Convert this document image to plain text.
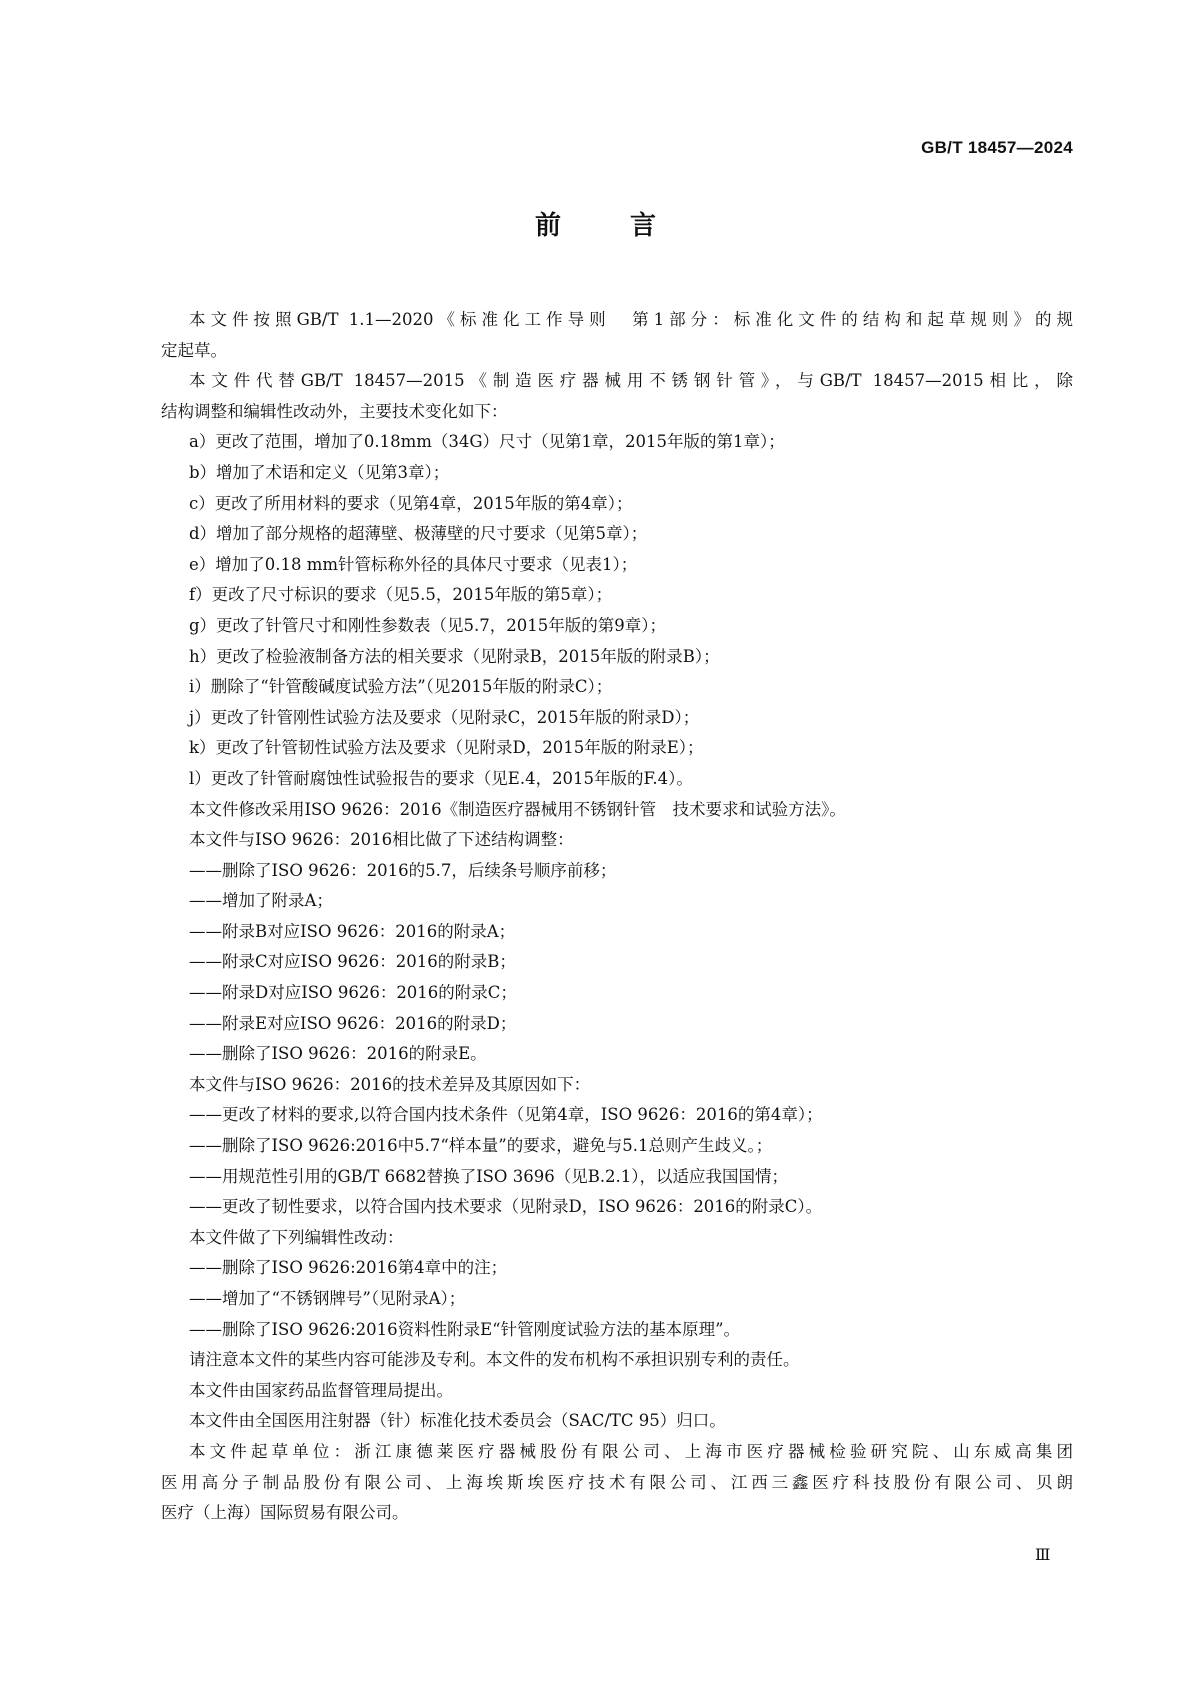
GB/T 18457—2024
前 言
本文件按照GB/T 1.1—2020《标准化工作导则　第1部分：标准化文件的结构和起草规则》的规
定起草。
本文件代替GB/T 18457—2015《制造医疗器械用不锈钢针管》，与GB/T 18457—2015相比，除
结构调整和编辑性改动外，主要技术变化如下：
a）更改了范围，增加了0.18mm（34G）尺寸（见第1章，2015年版的第1章）；
b）增加了术语和定义（见第3章）；
c）更改了所用材料的要求（见第4章，2015年版的第4章）；
d）增加了部分规格的超薄壁、极薄壁的尺寸要求（见第5章）；
e）增加了0.18 mm针管标称外径的具体尺寸要求（见表1）；
f）更改了尺寸标识的要求（见5.5，2015年版的第5章）；
g）更改了针管尺寸和刚性参数表（见5.7，2015年版的第9章）；
h）更改了检验液制备方法的相关要求（见附录B，2015年版的附录B）；
i）删除了“针管酸碱度试验方法”（见2015年版的附录C）；
j）更改了针管刚性试验方法及要求（见附录C，2015年版的附录D）；
k）更改了针管韧性试验方法及要求（见附录D，2015年版的附录E）；
l）更改了针管耐腐蚀性试验报告的要求（见E.4，2015年版的F.4）。
本文件修改采用ISO 9626：2016《制造医疗器械用不锈钢针管　技术要求和试验方法》。
本文件与ISO 9626：2016相比做了下述结构调整：
——删除了ISO 9626：2016的5.7，后续条号顺序前移；
——增加了附录A；
——附录B对应ISO 9626：2016的附录A；
——附录C对应ISO 9626：2016的附录B；
——附录D对应ISO 9626：2016的附录C；
——附录E对应ISO 9626：2016的附录D；
——删除了ISO 9626：2016的附录E。
本文件与ISO 9626：2016的技术差异及其原因如下：
——更改了材料的要求,以符合国内技术条件（见第4章，ISO 9626：2016的第4章）；
——删除了ISO 9626:2016中5.7“样本量”的要求，避免与5.1总则产生歧义。；
——用规范性引用的GB/T 6682替换了ISO 3696（见B.2.1），以适应我国国情；
——更改了韧性要求，以符合国内技术要求（见附录D，ISO 9626：2016的附录C）。
本文件做了下列编辑性改动：
——删除了ISO 9626:2016第4章中的注；
——增加了“不锈钢牌号”（见附录A）；
——删除了ISO 9626:2016资料性附录E“针管刚度试验方法的基本原理”。
请注意本文件的某些内容可能涉及专利。本文件的发布机构不承担识别专利的责任。
本文件由国家药品监督管理局提出。
本文件由全国医用注射器（针）标准化技术委员会（SAC/TC 95）归口。
本文件起草单位：浙江康德莱医疗器械股份有限公司、上海市医疗器械检验研究院、山东威高集团
医用高分子制品股份有限公司、上海埃斯埃医疗技术有限公司、江西三鑫医疗科技股份有限公司、贝朗
医疗（上海）国际贸易有限公司。
Ⅲ
